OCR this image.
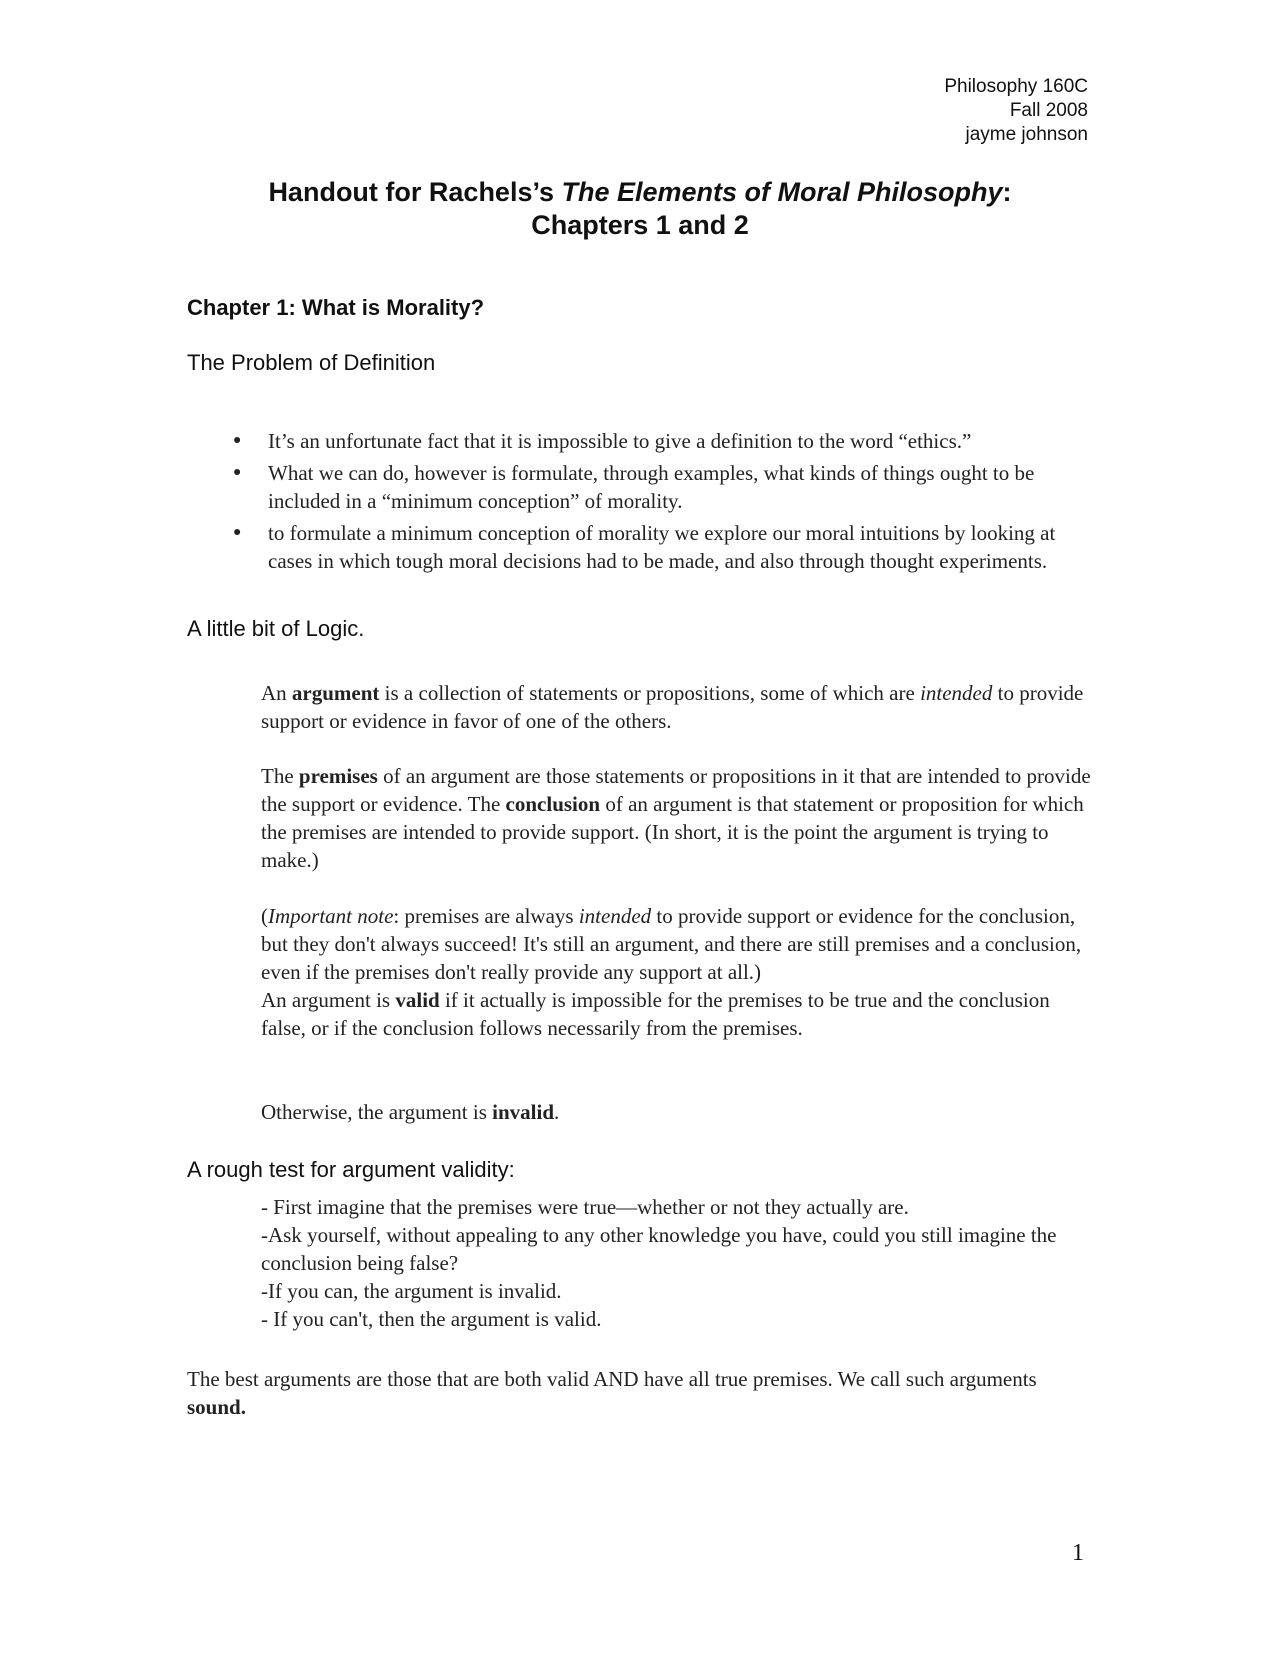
Philosophy 160C
Fall 2008
jayme johnson
Handout for Rachels’s The Elements of Moral Philosophy:
Chapters 1 and 2
Chapter 1: What is Morality?
The Problem of Definition
● It’s an unfortunate fact that it is impossible to give a definition to the word “ethics.”
● What we can do, however is formulate, through examples, what kinds of things ought to be included in a “minimum conception” of morality.
● to formulate a minimum conception of morality we explore our moral intuitions by looking at cases in which tough moral decisions had to be made, and also through thought experiments.
A little bit of Logic.

An argument is a collection of statements or propositions, some of which are intended to provide support or evidence in favor of one of the others.

The premises of an argument are those statements or propositions in it that are intended to provide the support or evidence. The conclusion of an argument is that statement or proposition for which the premises are intended to provide support. (In short, it is the point the argument is trying to make.)

(Important note: premises are always intended to provide support or evidence for the conclusion, but they don't always succeed! It's still an argument, and there are still premises and a conclusion, even if the premises don't really provide any support at all.)

An argument is valid if it actually is impossible for the premises to be true and the conclusion false, or if the conclusion follows necessarily from the premises.

Otherwise, the argument is invalid.

A rough test for argument validity:
- First imagine that the premises were true—whether or not they actually are.
-Ask yourself, without appealing to any other knowledge you have, could you still imagine the conclusion being false?
-If you can, the argument is invalid.
- If you can't, then the argument is valid.
The best arguments are those that are both valid AND have all true premises. We call such arguments sound.
1
